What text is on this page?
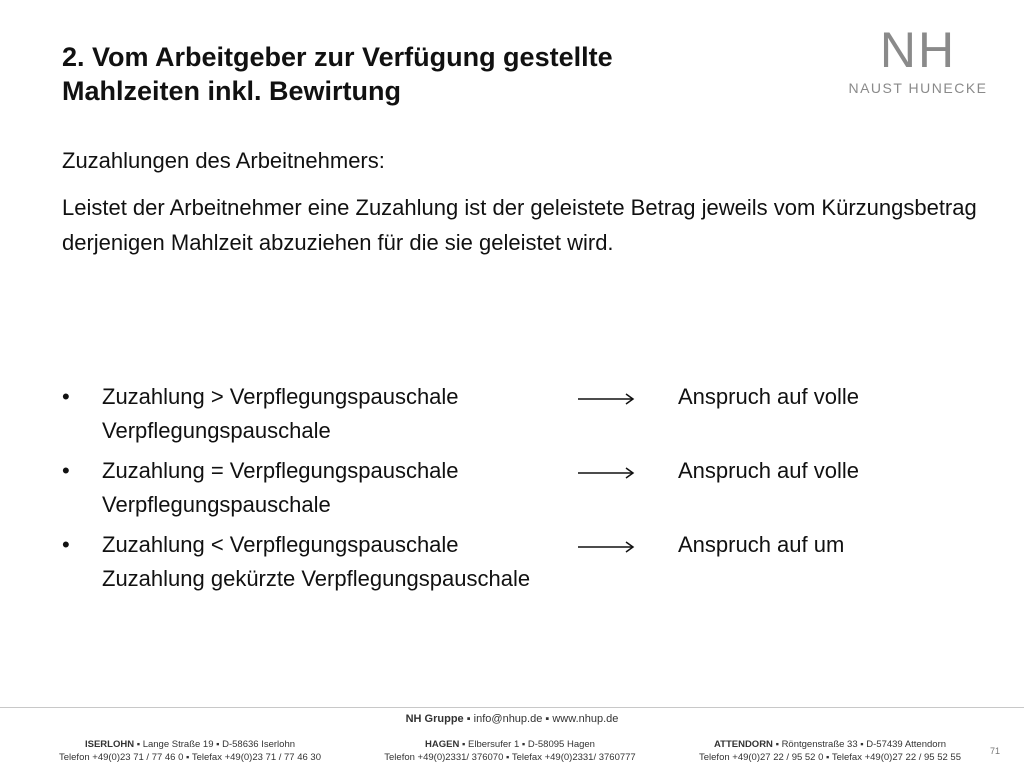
2. Vom Arbeitgeber zur Verfügung gestellte
Mahlzeiten inkl. Bewirtung
NH
NAUST HUNECKE

Zuzahlungen des Arbeitnehmers:

Leistet der Arbeitnehmer eine Zuzahlung ist der geleistete Betrag jeweils vom Kürzungsbetrag derjenigen Mahlzeit abzuziehen für die sie geleistet wird.

• Zuzahlung > Verpflegungspauschale	Anspruch auf volle
Verpflegungspauschale
• Zuzahlung = Verpflegungspauschale	Anspruch auf volle
Verpflegungspauschale
• Zuzahlung < Verpflegungspauschale	Anspruch auf um
Zuzahlung gekürzte Verpflegungspauschale
NH Gruppe ▪ info@nhup.de ▪ www.nhup.de
ISERLOHN ▪ Lange Straße 19 ▪ D-58636 Iserlohn
Telefon +49(0)23 71 / 77 46 0 ▪ Telefax +49(0)23 71 / 77 46 30
HAGEN ▪ Elbersufer 1 ▪ D-58095 Hagen
Telefon +49(0)2331/ 376070 ▪ Telefax +49(0)2331/ 3760777
ATTENDORN ▪ Röntgenstraße 33 ▪ D-57439 Attendorn
Telefon +49(0)27 22 / 95 52 0 ▪ Telefax +49(0)27 22 / 95 52 55
71
